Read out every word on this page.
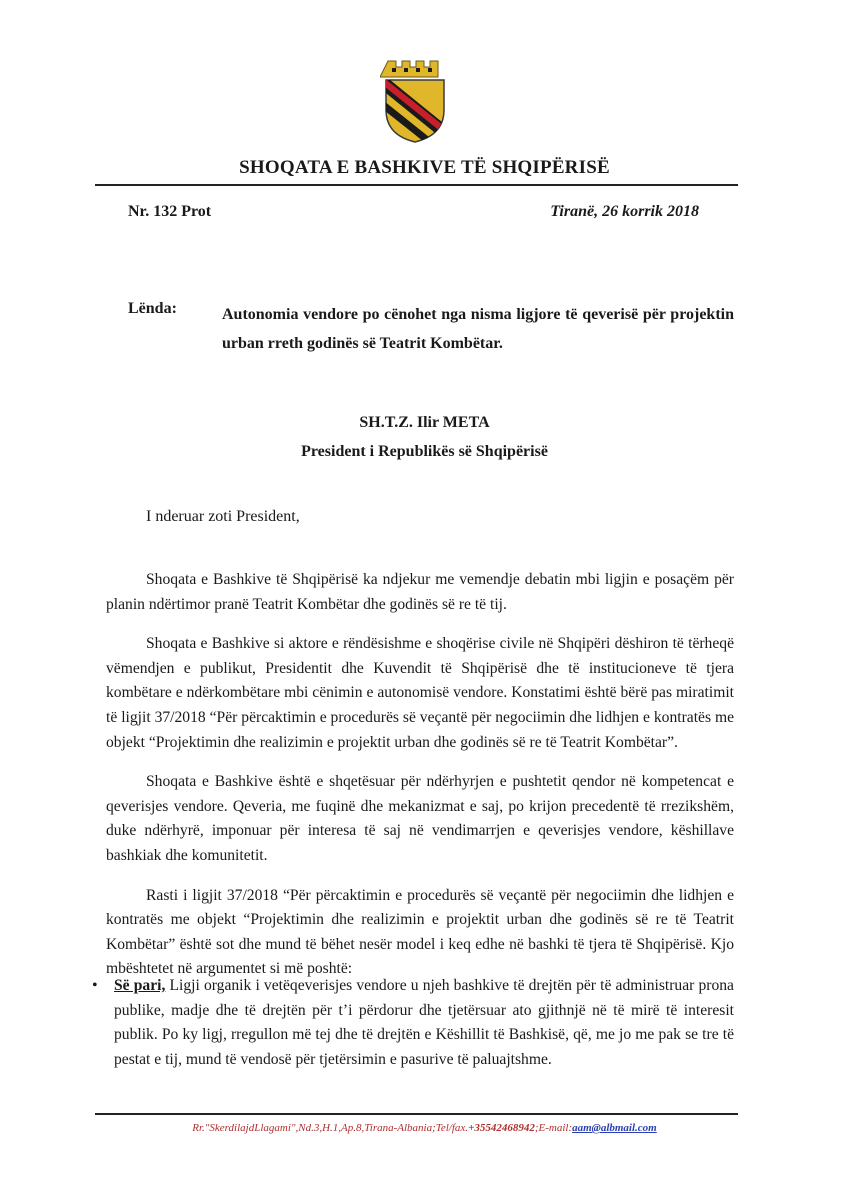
SHOQATA E BASHKIVE TË SHQIPËRISË
Nr. 132 Prot	Tiranë, 26 korrik 2018
Lënda:	Autonomia vendore po cënohet nga nisma ligjore të qeverisë për projektin urban rreth godinës së Teatrit Kombëtar.
SH.T.Z. Ilir META
President i Republikës së Shqipërisë
I nderuar zoti President,

Shoqata e Bashkive të Shqipërisë ka ndjekur me vemendje debatin mbi ligjin e posaçëm për planin ndërtimor pranë Teatrit Kombëtar dhe godinës së re të tij.

Shoqata e Bashkive si aktore e rëndësishme e shoqërise civile në Shqipëri dëshiron të tërheqë vëmendjen e publikut, Presidentit dhe Kuvendit të Shqipërisë dhe të institucioneve të tjera kombëtare e ndërkombëtare mbi cënimin e autonomisë vendore. Konstatimi është bërë pas miratimit të ligjit 37/2018 “Për përcaktimin e procedurës së veçantë për negociimin dhe lidhjen e kontratës me objekt “Projektimin dhe realizimin e projektit urban dhe godinës së re të Teatrit Kombëtar”.

Shoqata e Bashkive është e shqetësuar për ndërhyrjen e pushtetit qendor në kompetencat e qeverisjes vendore. Qeveria, me fuqinë dhe mekanizmat e saj, po krijon precedentë të rrezikshëm, duke ndërhyrë, imponuar për interesa të saj në vendimarrjen e qeverisjes vendore, këshillave bashkiak dhe komunitetit.

Rasti i ligjit 37/2018 “Për përcaktimin e procedurës së veçantë për negociimin dhe lidhjen e kontratës me objekt “Projektimin dhe realizimin e projektit urban dhe godinës së re të Teatrit Kombëtar” është sot dhe mund të bëhet nesër model i keq edhe në bashki të tjera të Shqipërisë. Kjo mbështetet në argumentet si më poshtë:

• Së pari, Ligji organik i vetëqeverisjes vendore u njeh bashkive të drejtën për të administruar prona publike, madje dhe të drejtën për t’i përdorur dhe tjetërsuar ato gjithnjë në të mirë të interesit publik. Po ky ligj, rregullon më tej dhe të drejtën e Këshillit të Bashkisë, që, me jo me pak se tre të pestat e tij, mund të vendosë për tjetërsimin e pasurive të paluajtshme.
Rr."SkerdilajdLlagami",Nd.3,H.1,Ap.8,Tirana-Albania;Tel/fax.+35542468942;E-mail:aam@albmail.com
